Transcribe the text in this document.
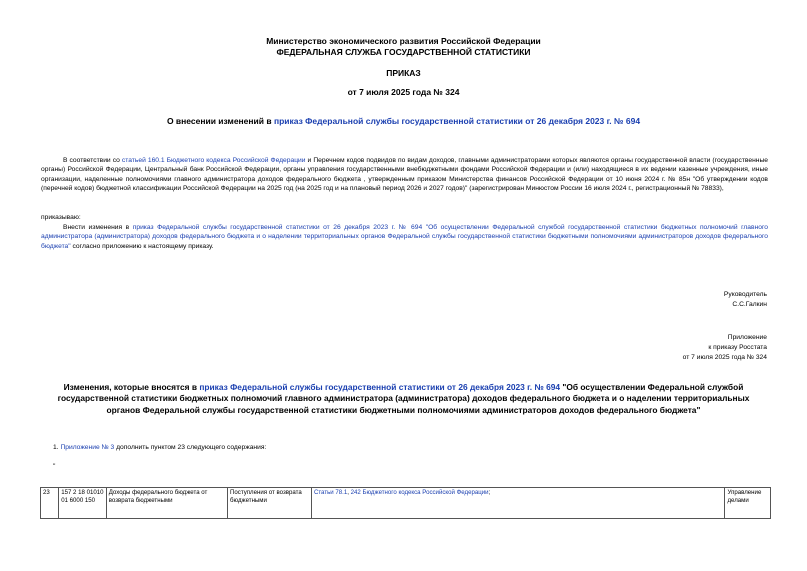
Министерство экономического развития Российской Федерации
ФЕДЕРАЛЬНАЯ СЛУЖБА ГОСУДАРСТВЕННОЙ СТАТИСТИКИ
ПРИКАЗ
от 7 июля 2025 года № 324
О внесении изменений в приказ Федеральной службы государственной статистики от 26 декабря 2023 г. № 694
В соответствии со статьей 160.1 Бюджетного кодекса Российской Федерации и Перечнем кодов подвидов по видам доходов, главными администраторами которых являются органы государственной власти (государственные органы) Российской Федерации, Центральный банк Российской Федерации, органы управления государственными внебюджетными фондами Российской Федерации и (или) находящиеся в их ведении казенные учреждения, иные организации, наделенные полномочиями главного администратора доходов федерального бюджета , утвержденным приказом Министерства финансов Российской Федерации от 10 июня 2024 г. № 85н "Об утверждении кодов (перечней кодов) бюджетной классификации Российской Федерации на 2025 год (на 2025 год и на плановый период 2026 и 2027 годов)" (зарегистрирован Минюстом России 16 июля 2024 г., регистрационный № 78833),
приказываю:
Внести изменения в приказ Федеральной службы государственной статистики от 26 декабря 2023 г. № 694 "Об осуществлении Федеральной службой государственной статистики бюджетных полномочий главного администратора (администратора) доходов федерального бюджета и о наделении территориальных органов Федеральной службы государственной статистики бюджетными полномочиями администраторов доходов федерального бюджета" согласно приложению к настоящему приказу.
Руководитель
С.С.Галкин
Приложение
к приказу Росстата
от 7 июля 2025 года № 324
Изменения, которые вносятся в приказ Федеральной службы государственной статистики от 26 декабря 2023 г. № 694 "Об осуществлении Федеральной службой государственной статистики бюджетных полномочий главного администратора (администратора) доходов федерального бюджета и о наделении территориальных органов Федеральной службы государственной статистики бюджетными полномочиями администраторов доходов федерального бюджета"
1. Приложение № 3 дополнить пунктом 23 следующего содержания:
"
23	157 2 18 01010 01 6000 150	Доходы федерального бюджета от возврата бюджетными	Поступления от возврата бюджетными	Статьи 78.1, 242 Бюджетного кодекса Российской Федерации;	Управление делами
